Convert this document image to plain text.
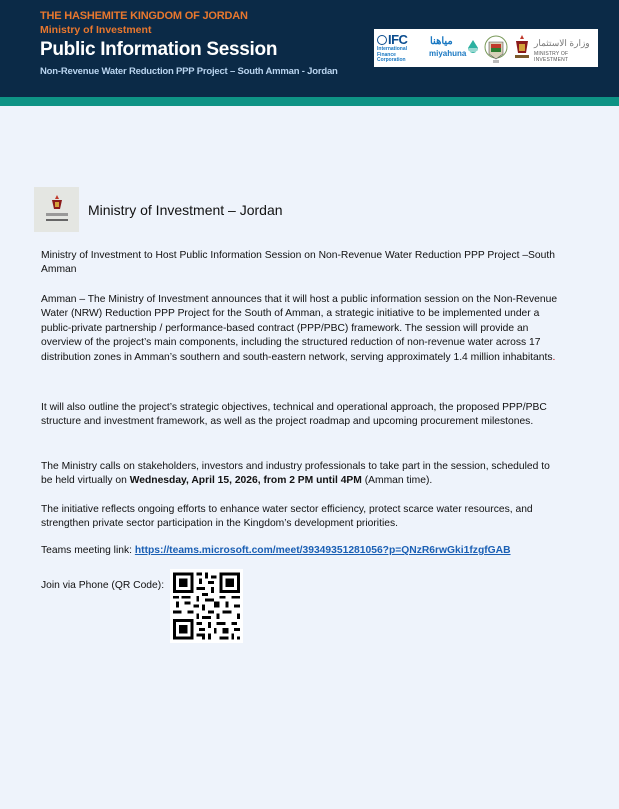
THE HASHEMITE KINGDOM OF JORDAN
Ministry of Investment
Public Information Session
Non-Revenue Water Reduction PPP Project – South Amman - Jordan
IFC
International
Finance
Corporation
مياهنا
miyahuna
وزارة الاستثمار
MINISTRY OF INVESTMENT
Ministry of Investment – Jordan
Ministry of Investment to Host Public Information Session on Non-Revenue Water Reduction PPP Project –South Amman
Amman – The Ministry of Investment announces that it will host a public information session on the Non-Revenue Water (NRW) Reduction PPP Project for the South of Amman, a strategic initiative to be implemented under a public-private partnership / performance-based contract (PPP/PBC) framework. The session will provide an overview of the project’s main components, including the structured reduction of non-revenue water across 17 distribution zones in Amman’s southern and south-eastern network, serving approximately 1.4 million inhabitants.
It will also outline the project’s strategic objectives, technical and operational approach, the proposed PPP/PBC structure and investment framework, as well as the project roadmap and upcoming procurement milestones.
The Ministry calls on stakeholders, investors and industry professionals to take part in the session, scheduled to be held virtually on Wednesday, April 15, 2026, from 2 PM until 4PM (Amman time).
The initiative reflects ongoing efforts to enhance water sector efficiency, protect scarce water resources, and strengthen private sector participation in the Kingdom’s development priorities.
Teams meeting link: https://teams.microsoft.com/meet/39349351281056?p=QNzR6rwGki1fzgfGAB
Join via Phone (QR Code):
